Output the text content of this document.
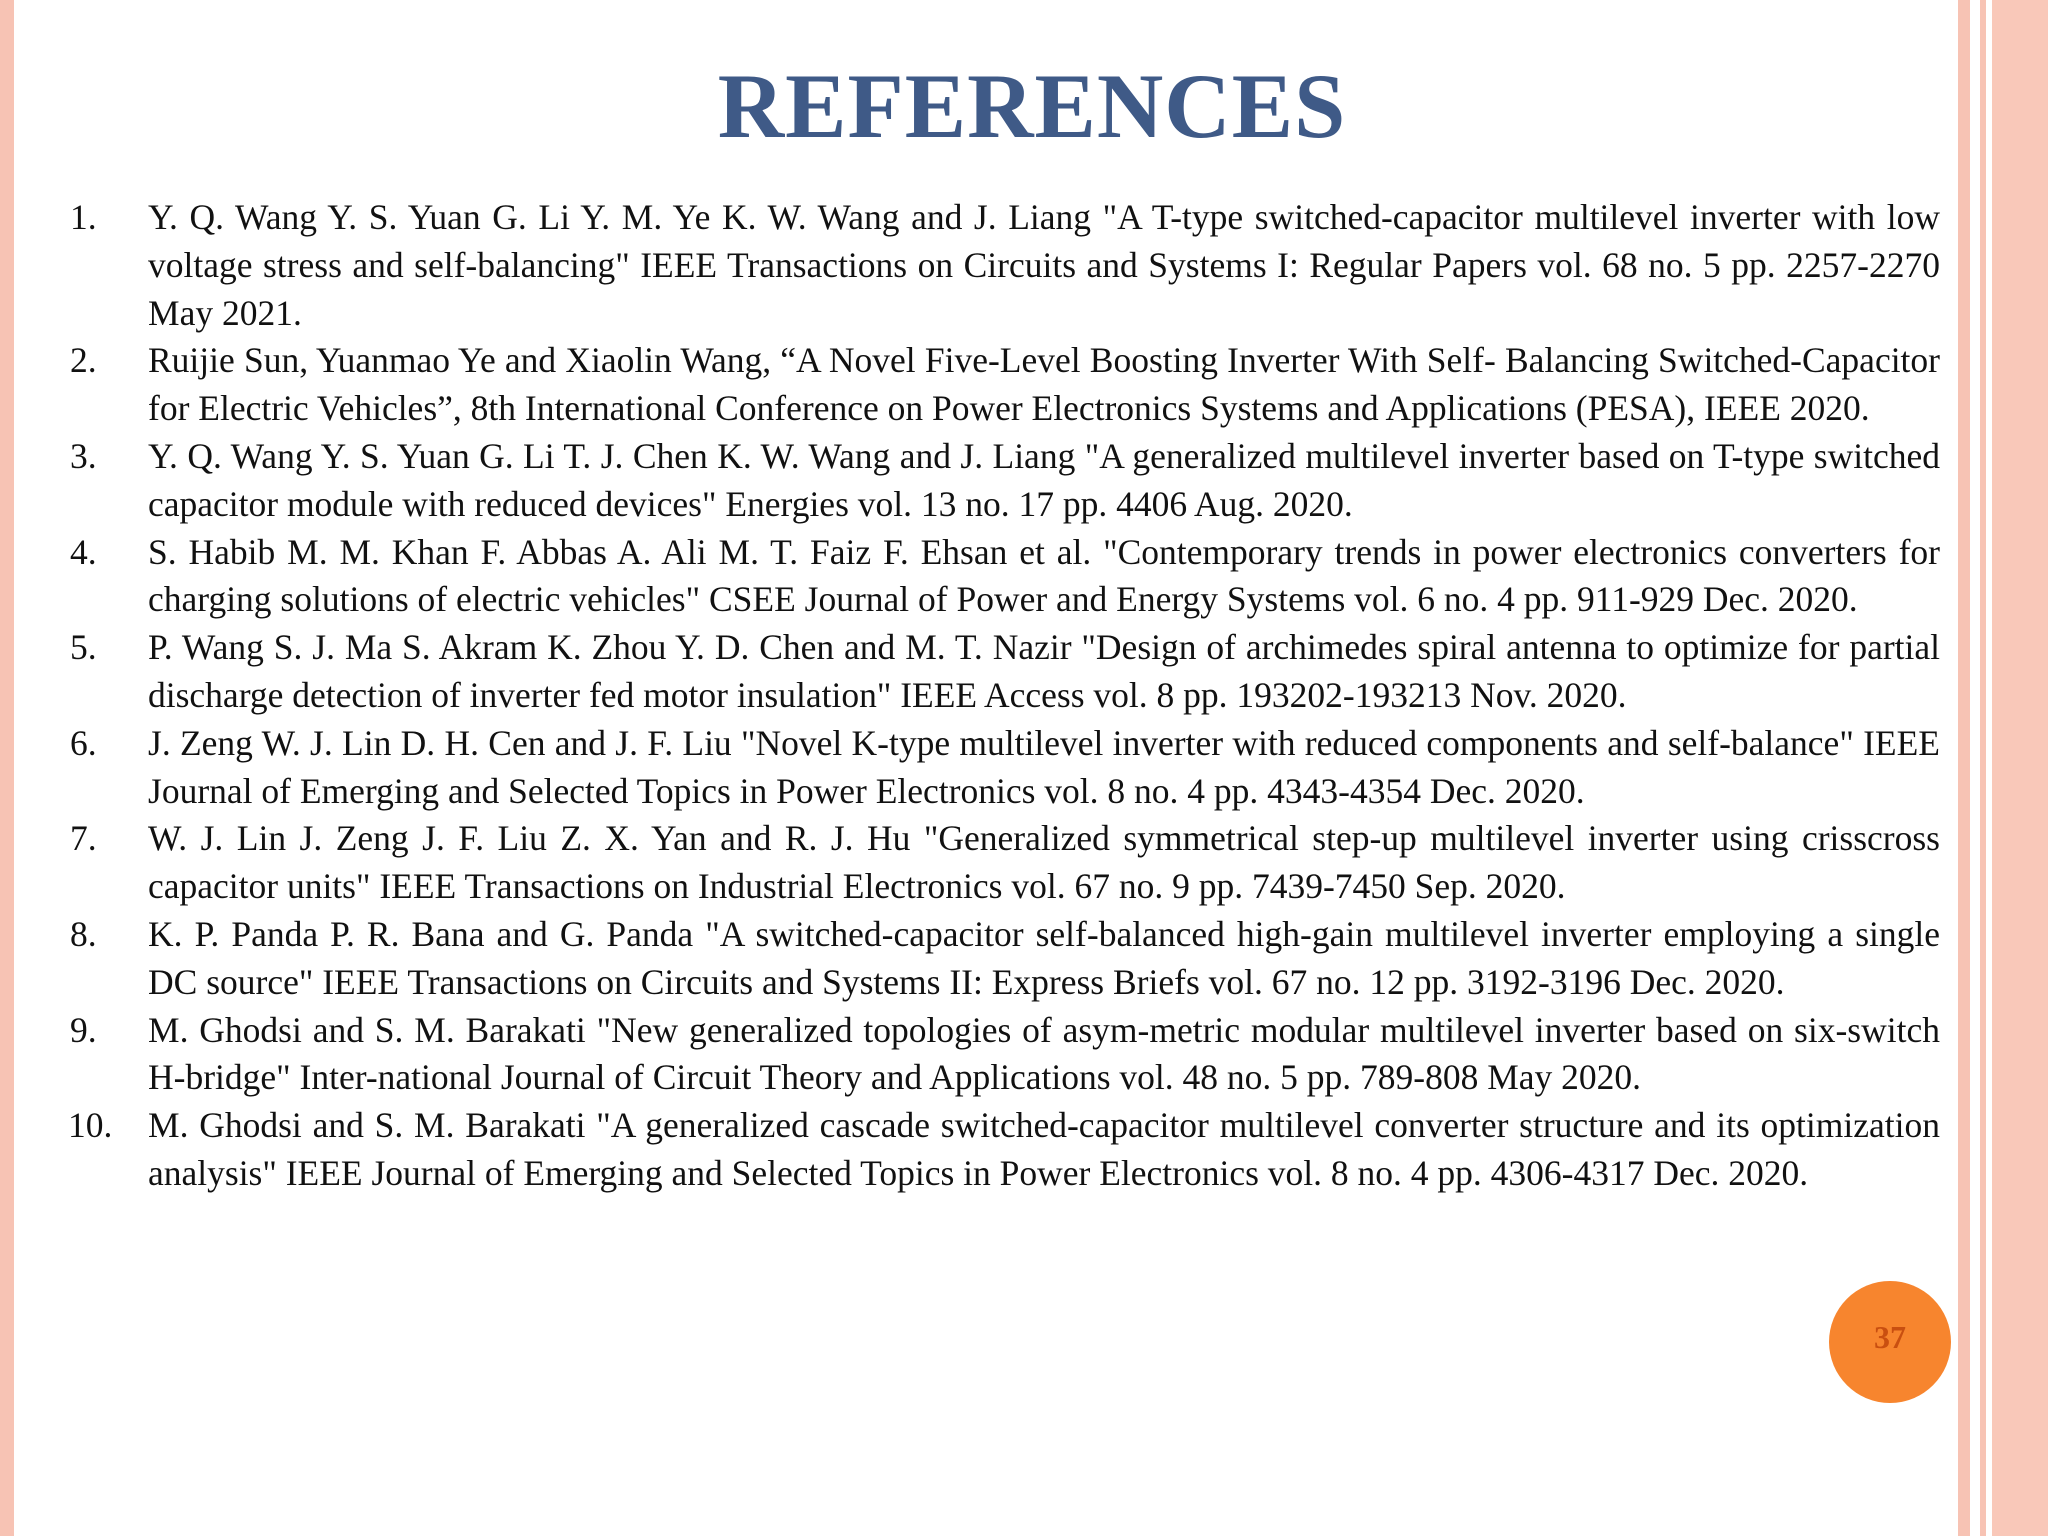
REFERENCES
1. Y. Q. Wang Y. S. Yuan G. Li Y. M. Ye K. W. Wang and J. Liang "A T-type switched-capacitor multilevel inverter with low voltage stress and self-balancing" IEEE Transactions on Circuits and Systems I: Regular Papers vol. 68 no. 5 pp. 2257-2270 May 2021.
2. Ruijie Sun, Yuanmao Ye and Xiaolin Wang, “A Novel Five-Level Boosting Inverter With Self- Balancing Switched-Capacitor for Electric Vehicles”, 8th International Conference on Power Electronics Systems and Applications (PESA), IEEE 2020.
3. Y. Q. Wang Y. S. Yuan G. Li T. J. Chen K. W. Wang and J. Liang "A generalized multilevel inverter based on T-type switched capacitor module with reduced devices" Energies vol. 13 no. 17 pp. 4406 Aug. 2020.
4. S. Habib M. M. Khan F. Abbas A. Ali M. T. Faiz F. Ehsan et al. "Contemporary trends in power electronics converters for charging solutions of electric vehicles" CSEE Journal of Power and Energy Systems vol. 6 no. 4 pp. 911-929 Dec. 2020.
5. P. Wang S. J. Ma S. Akram K. Zhou Y. D. Chen and M. T. Nazir "Design of archimedes spiral antenna to optimize for partial discharge detection of inverter fed motor insulation" IEEE Access vol. 8 pp. 193202-193213 Nov. 2020.
6. J. Zeng W. J. Lin D. H. Cen and J. F. Liu "Novel K-type multilevel inverter with reduced components and self-balance" IEEE Journal of Emerging and Selected Topics in Power Electronics vol. 8 no. 4 pp. 4343-4354 Dec. 2020.
7. W. J. Lin J. Zeng J. F. Liu Z. X. Yan and R. J. Hu "Generalized symmetrical step-up multilevel inverter using crisscross capacitor units" IEEE Transactions on Industrial Electronics vol. 67 no. 9 pp. 7439-7450 Sep. 2020.
8. K. P. Panda P. R. Bana and G. Panda "A switched-capacitor self-balanced high-gain multilevel inverter employing a single DC source" IEEE Transactions on Circuits and Systems II: Express Briefs vol. 67 no. 12 pp. 3192-3196 Dec. 2020.
9. M. Ghodsi and S. M. Barakati "New generalized topologies of asym-metric modular multilevel inverter based on six-switch H-bridge" Inter-national Journal of Circuit Theory and Applications vol. 48 no. 5 pp. 789-808 May 2020.
10. M. Ghodsi and S. M. Barakati "A generalized cascade switched-capacitor multilevel converter structure and its optimization analysis" IEEE Journal of Emerging and Selected Topics in Power Electronics vol. 8 no. 4 pp. 4306-4317 Dec. 2020.
37
